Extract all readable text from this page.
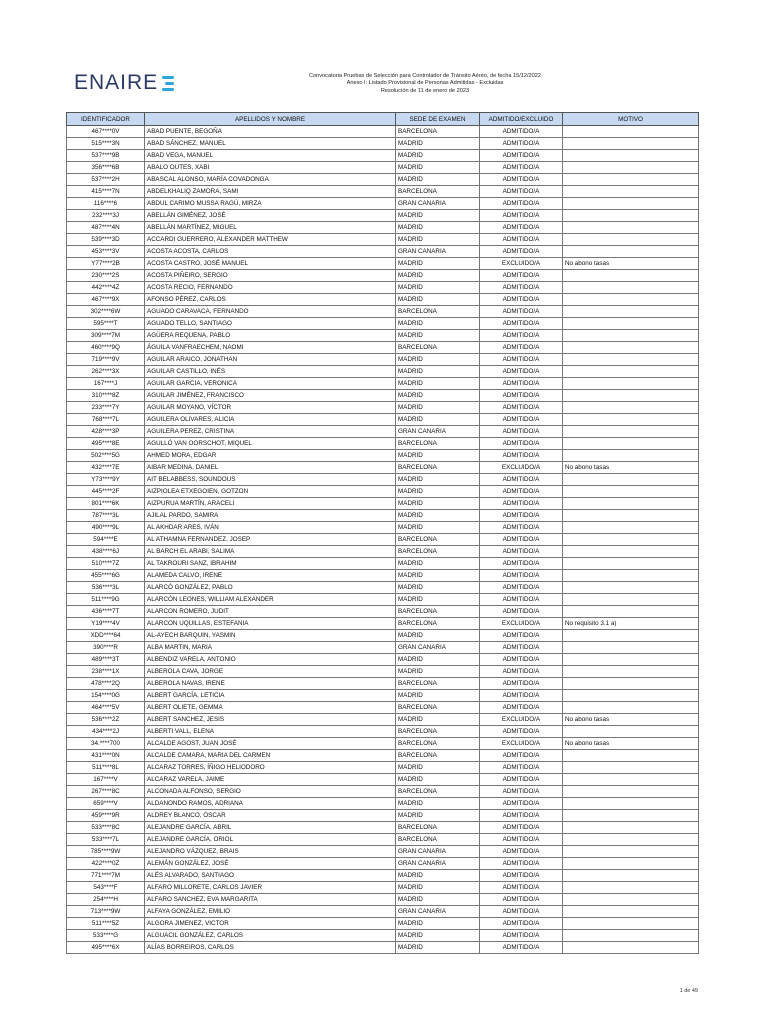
ENAIRE	Convocatoria Pruebas de Selección para Controlador de Tránsito Aéreo, de fecha 15/12/2022
Anexo I: Listado Provisional de Personas Admitidas - Excluidas
Resolución de 11 de enero de 2023
IDENTIFICADOR	APELLIDOS Y NOMBRE	SEDE DE EXAMEN	ADMITIDO/EXCLUIDO	MOTIVO
467****0V	ABAD PUENTE, BEGOÑA	BARCELONA	ADMITIDO/A	
515****3N	ABAD SÁNCHEZ, MANUEL	MADRID	ADMITIDO/A	
537****9B	ABAD VEGA, MANUEL	MADRID	ADMITIDO/A	
356****6B	ABALO OUTES, XABI	MADRID	ADMITIDO/A	
537****2H	ABASCAL ALONSO, MARÍA COVADONGA	MADRID	ADMITIDO/A	
415****7N	ABDELKHALIQ ZAMORA, SAMI	BARCELONA	ADMITIDO/A	
116****6	ABDUL CARIMO MUSSA RAGÚ, MIRZA	GRAN CANARIA	ADMITIDO/A	
232****3J	ABELLÁN GIMÉNEZ, JOSÉ	MADRID	ADMITIDO/A	
487****4N	ABELLÁN MARTÍNEZ, MIGUEL	MADRID	ADMITIDO/A	
539****3D	ACCARDI GUERRERO, ALEXANDER MATTHEW	MADRID	ADMITIDO/A	
453****3V	ACOSTA ACOSTA, CARLOS	GRAN CANARIA	ADMITIDO/A	
Y77****2B	ACOSTA CASTRO, JOSÉ MANUEL	MADRID	EXCLUIDO/A	No abono tasas
230****2S	ACOSTA PIÑEIRO, SERGIO	MADRID	ADMITIDO/A	
442****4Z	ACOSTA RECIO, FERNANDO	MADRID	ADMITIDO/A	
467****9X	AFONSO PÉREZ, CARLOS	MADRID	ADMITIDO/A	
302****6W	AGUADO CARAVACA, FERNANDO	BARCELONA	ADMITIDO/A	
595****T	AGUADO TELLO, SANTIAGO	MADRID	ADMITIDO/A	
309****7M	AGÜERA REQUENA, PABLO	MADRID	ADMITIDO/A	
460****9Q	ÁGUILA VANFRAECHEM, NAOMI	BARCELONA	ADMITIDO/A	
719****9V	AGUILAR ARAICO, JONATHAN	MADRID	ADMITIDO/A	
262****3X	AGUILAR CASTILLO, INÉS	MADRID	ADMITIDO/A	
167****J	AGUILAR GARCIA, VERONICA	MADRID	ADMITIDO/A	
310****8Z	AGUILAR JIMÉNEZ, FRANCISCO	MADRID	ADMITIDO/A	
233****7Y	AGUILAR MOYANO, VÍCTOR	MADRID	ADMITIDO/A	
768****7L	AGUILERA OLIVARES, ALICIA	MADRID	ADMITIDO/A	
428****3P	AGUILERA PEREZ, CRISTINA	GRAN CANARIA	ADMITIDO/A	
495****8E	AGULLÓ VAN OORSCHOT, MIQUEL	BARCELONA	ADMITIDO/A	
502****5G	AHMED MORA, EDGAR	MADRID	ADMITIDO/A	
432****7E	AIBAR MEDINA, DANIEL	BARCELONA	EXCLUIDO/A	No abono tasas
Y73****9Y	AIT BELABBESS, SOUNDOUS	MADRID	ADMITIDO/A	
445****2F	AIZPIOLEA ETXEGOIEN, GOTZON	MADRID	ADMITIDO/A	
801****6K	AIZPURUA MARTÍN, ARACELI	MADRID	ADMITIDO/A	
787****3L	AJILAL PARDO, SAMIRA	MADRID	ADMITIDO/A	
490****9L	AL AKHDAR ARES, IVÁN	MADRID	ADMITIDO/A	
594****E	AL ATHAMNA FERNANDEZ, JOSEP	BARCELONA	ADMITIDO/A	
438****6J	AL BARCH EL ARABI, SALIMA	BARCELONA	ADMITIDO/A	
510****7Z	AL TAKROURI SANZ, IBRAHIM	MADRID	ADMITIDO/A	
455****6G	ALAMEDA CALVO, IRENE	MADRID	ADMITIDO/A	
536****3L	ALARCÓ GONZÁLEZ, PABLO	MADRID	ADMITIDO/A	
511****9G	ALARCÓN LEONES, WILLIAM ALEXANDER	MADRID	ADMITIDO/A	
436****7T	ALARCON ROMERO, JUDIT	BARCELONA	ADMITIDO/A	
Y19****4V	ALARCON UQUILLAS, ESTEFANIA	BARCELONA	EXCLUIDO/A	No requisito 3.1 a)
XDD****64	AL-AYECH BARQUIN, YASMIN	MADRID	ADMITIDO/A	
390****R	ALBA MARTIN, MARIA	GRAN CANARIA	ADMITIDO/A	
489****3T	ALBENDIZ VARELA, ANTONIO	MADRID	ADMITIDO/A	
238****1X	ALBEROLA CAVA, JORGE	MADRID	ADMITIDO/A	
478****2Q	ALBEROLA NAVAS, IRENE	BARCELONA	ADMITIDO/A	
154****0G	ALBERT GARCÍA, LETICIA	MADRID	ADMITIDO/A	
464****5V	ALBERT OLIETE, GEMMA	BARCELONA	ADMITIDO/A	
536****2Z	ALBERT SANCHEZ, JESIS	MADRID	EXCLUIDO/A	No abono tasas
434****2J	ALBERTI VALL, ELENA	BARCELONA	ADMITIDO/A	
34.****700	ALCALDE AGOST, JUAN JOSÉ	BARCELONA	EXCLUIDO/A	No abono tasas
431****0N	ALCALDE CAMARA, MARIA DEL CARMEN	BARCELONA	ADMITIDO/A	
511****8L	ALCARAZ TORRES, ÍÑIGO HELIODORO	MADRID	ADMITIDO/A	
167****V	ALCARAZ VARELA, JAIME	MADRID	ADMITIDO/A	
267****8C	ALCONADA ALFONSO, SERGIO	BARCELONA	ADMITIDO/A	
659****V	ALDANONDO RAMOS, ADRIANA	MADRID	ADMITIDO/A	
459****9R	ALDREY BLANCO, ÓSCAR	MADRID	ADMITIDO/A	
533****8C	ALEJANDRE GARCÍA, ABRIL	BARCELONA	ADMITIDO/A	
533****7L	ALEJANDRE GARCÍA, ORIOL	BARCELONA	ADMITIDO/A	
785****9W	ALEJANDRO VÁZQUEZ, BRAIS	GRAN CANARIA	ADMITIDO/A	
422****0Z	ALEMÁN GONZÁLEZ, JOSÉ	GRAN CANARIA	ADMITIDO/A	
771****7M	ALÉS ALVARADO, SANTIAGO	MADRID	ADMITIDO/A	
543****F	ALFARO MILLORETE, CARLOS JAVIER	MADRID	ADMITIDO/A	
254****H	ALFARO SANCHEZ, EVA MARGARITA	MADRID	ADMITIDO/A	
713****9W	ALFAYA GONZÁLEZ, EMILIO	GRAN CANARIA	ADMITIDO/A	
511****5Z	ALGORA JIMENEZ, VICTOR	MADRID	ADMITIDO/A	
533****G	ALGUACIL GONZÁLEZ, CARLOS	MADRID	ADMITIDO/A	
495****6X	ALÍAS BORREIROS, CARLOS	MADRID	ADMITIDO/A	
1 de 49
